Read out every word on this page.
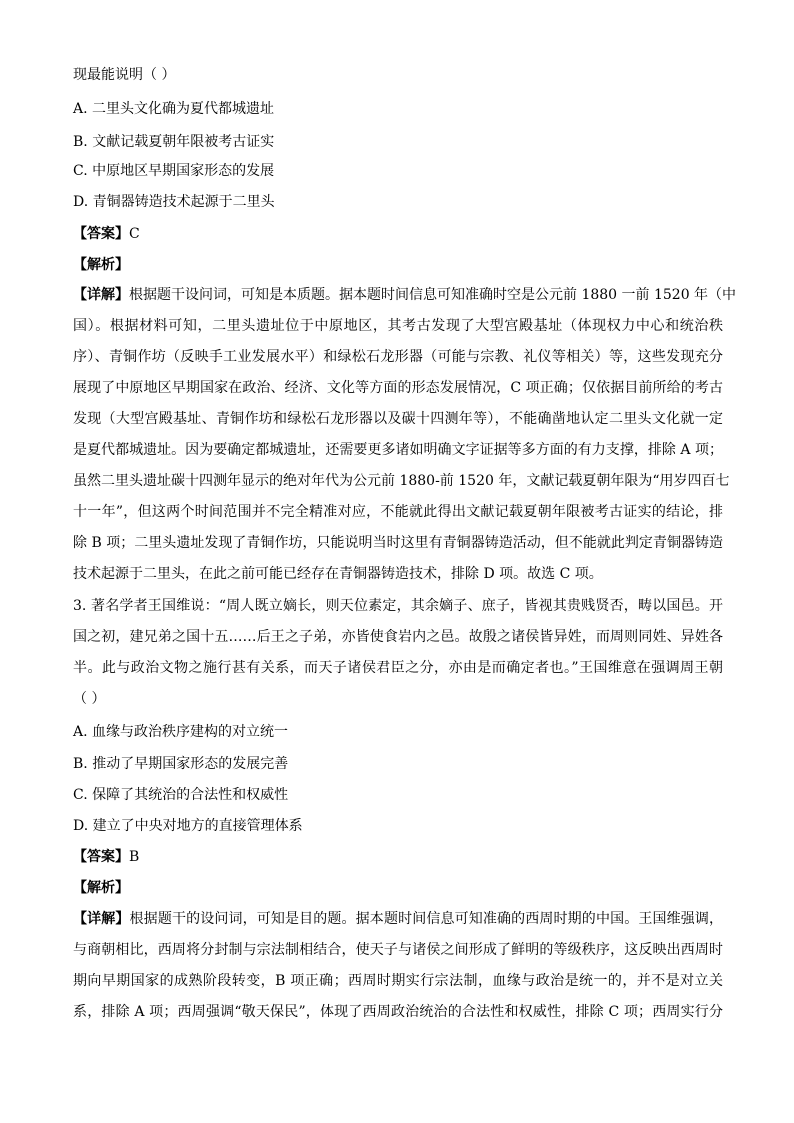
现最能说明（ ）
A. 二里头文化确为夏代都城遗址
B. 文献记载夏朝年限被考古证实
C. 中原地区早期国家形态的发展
D. 青铜器铸造技术起源于二里头
【答案】C
【解析】
【详解】根据题干设问词，可知是本质题。据本题时间信息可知准确时空是公元前 1880 一前 1520 年（中
国）。根据材料可知，二里头遗址位于中原地区，其考古发现了大型宫殿基址（体现权力中心和统治秩
序）、青铜作坊（反映手工业发展水平）和绿松石龙形器（可能与宗教、礼仪等相关）等，这些发现充分
展现了中原地区早期国家在政治、经济、文化等方面的形态发展情况，C 项正确；仅依据目前所给的考古
发现（大型宫殿基址、青铜作坊和绿松石龙形器以及碳十四测年等），不能确凿地认定二里头文化就一定
是夏代都城遗址。因为要确定都城遗址，还需要更多诸如明确文字证据等多方面的有力支撑，排除 A 项；
虽然二里头遗址碳十四测年显示的绝对年代为公元前 1880-前 1520 年，文献记载夏朝年限为“用岁四百七
十一年”，但这两个时间范围并不完全精准对应，不能就此得出文献记载夏朝年限被考古证实的结论，排
除 B 项；二里头遗址发现了青铜作坊，只能说明当时这里有青铜器铸造活动，但不能就此判定青铜器铸造
技术起源于二里头，在此之前可能已经存在青铜器铸造技术，排除 D 项。故选 C 项。
3. 著名学者王国维说：“周人既立嫡长，则天位素定，其余嫡子、庶子，皆视其贵贱贤否，畴以国邑。开
国之初，建兄弟之国十五……后王之子弟，亦皆使食岩内之邑。故殷之诸侯皆异姓，而周则同姓、异姓各
半。此与政治文物之施行甚有关系，而天子诸侯君臣之分，亦由是而确定者也。”王国维意在强调周王朝
（ ）
A. 血缘与政治秩序建构的对立统一
B. 推动了早期国家形态的发展完善
C. 保障了其统治的合法性和权威性
D. 建立了中央对地方的直接管理体系
【答案】B
【解析】
【详解】根据题干的设问词，可知是目的题。据本题时间信息可知准确的西周时期的中国。王国维强调，
与商朝相比，西周将分封制与宗法制相结合，使天子与诸侯之间形成了鲜明的等级秩序，这反映出西周时
期向早期国家的成熟阶段转变，B 项正确；西周时期实行宗法制，血缘与政治是统一的，并不是对立关
系，排除 A 项；西周强调“敬天保民”，体现了西周政治统治的合法性和权威性，排除 C 项；西周实行分
